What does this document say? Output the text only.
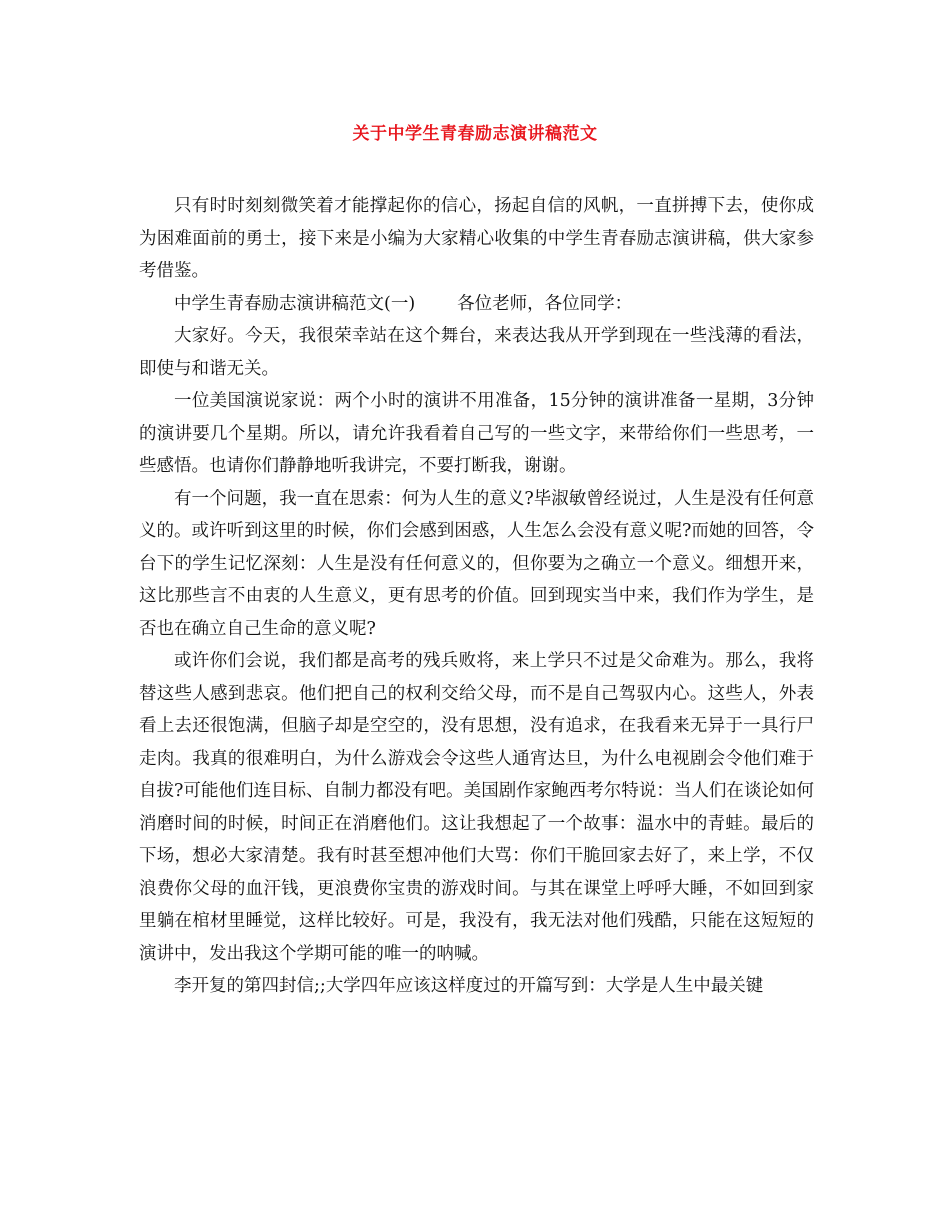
关于中学生青春励志演讲稿范文

只有时时刻刻微笑着才能撑起你的信心，扬起自信的风帆，一直拼搏下去，使你成为困难面前的勇士，接下来是小编为大家精心收集的中学生青春励志演讲稿，供大家参考借鉴。

中学生青春励志演讲稿范文(一) 各位老师，各位同学：

大家好。今天，我很荣幸站在这个舞台，来表达我从开学到现在一些浅薄的看法，即使与和谐无关。

一位美国演说家说：两个小时的演讲不用准备，15分钟的演讲准备一星期，3分钟的演讲要几个星期。所以，请允许我看着自己写的一些文字，来带给你们一些思考，一些感悟。也请你们静静地听我讲完，不要打断我，谢谢。

有一个问题，我一直在思索：何为人生的意义?毕淑敏曾经说过，人生是没有任何意义的。或许听到这里的时候，你们会感到困惑，人生怎么会没有意义呢?而她的回答，令台下的学生记忆深刻：人生是没有任何意义的，但你要为之确立一个意义。细想开来，这比那些言不由衷的人生意义，更有思考的价值。回到现实当中来，我们作为学生，是否也在确立自己生命的意义呢?

或许你们会说，我们都是高考的残兵败将，来上学只不过是父命难为。那么，我将替这些人感到悲哀。他们把自己的权利交给父母，而不是自己驾驭内心。这些人，外表看上去还很饱满，但脑子却是空空的，没有思想，没有追求，在我看来无异于一具行尸走肉。我真的很难明白，为什么游戏会令这些人通宵达旦，为什么电视剧会令他们难于自拔?可能他们连目标、自制力都没有吧。美国剧作家鲍西考尔特说：当人们在谈论如何消磨时间的时候，时间正在消磨他们。这让我想起了一个故事：温水中的青蛙。最后的下场，想必大家清楚。我有时甚至想冲他们大骂：你们干脆回家去好了，来上学，不仅浪费你父母的血汗钱，更浪费你宝贵的游戏时间。与其在课堂上呼呼大睡，不如回到家里躺在棺材里睡觉，这样比较好。可是，我没有，我无法对他们残酷，只能在这短短的演讲中，发出我这个学期可能的唯一的呐喊。

李开复的第四封信;;大学四年应该这样度过的开篇写到：大学是人生中最关键
